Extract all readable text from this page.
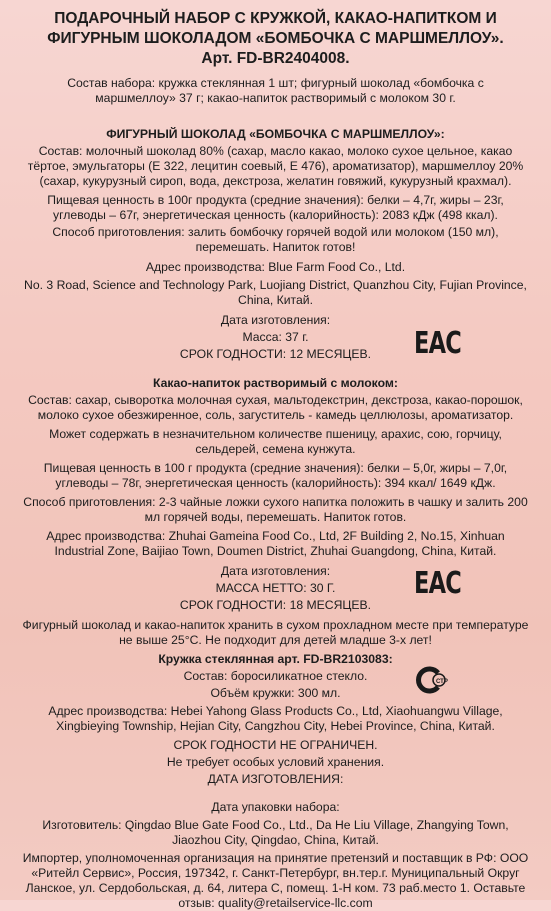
ПОДАРОЧНЫЙ НАБОР С КРУЖКОЙ, КАКАО-НАПИТКОМ И
ФИГУРНЫМ ШОКОЛАДОМ «БОМБОЧКА С МАРШМЕЛЛОУ».
Арт. FD-BR2404008.
Состав набора: кружка стеклянная 1 шт; фигурный шоколад «бомбочка с
маршмеллоу» 37 г; какао-напиток растворимый с молоком 30 г.
ФИГУРНЫЙ ШОКОЛАД «БОМБОЧКА С МАРШМЕЛЛОУ»:
Состав: молочный шоколад 80% (сахар, масло какао, молоко сухое цельное, какао
тёртое, эмульгаторы (Е 322, лецитин соевый, Е 476), ароматизатор), маршмеллоу 20%
(сахар, кукурузный сироп, вода, декстроза, желатин говяжий, кукурузный крахмал).
Пищевая ценность в 100г продукта (средние значения): белки – 4,7г, жиры – 23г,
углеводы – 67г, энергетическая ценность (калорийность): 2083 кДж (498 ккал).
Способ приготовления: залить бомбочку горячей водой или молоком (150 мл),
перемешать. Напиток готов!
Адрес производства: Blue Farm Food Co., Ltd.
No. 3 Road, Science and Technology Park, Luojiang District, Quanzhou City, Fujian Province,
China, Китай.
Дата изготовления:
Масса: 37 г.
СРОК ГОДНОСТИ: 12 МЕСЯЦЕВ.	ЕАС
Какао-напиток растворимый с молоком:
Состав: сахар, сыворотка молочная сухая, мальтодекстрин, декстроза, какао-порошок,
молоко сухое обезжиренное, соль, загуститель - камедь целлюлозы, ароматизатор.
Может содержать в незначительном количестве пшеницу, арахис, сою, горчицу,
сельдерей, семена кунжута.
Пищевая ценность в 100 г продукта (средние значения): белки – 5,0г, жиры – 7,0г,
углеводы – 78г, энергетическая ценность (калорийность): 394 ккал/ 1649 кДж.
Способ приготовления: 2-3 чайные ложки сухого напитка положить в чашку и залить 200
мл горячей воды, перемешать. Напиток готов.
Адрес производства: Zhuhai Gameina Food Co., Ltd, 2F Building 2, No.15, Xinhuan
Industrial Zone, Baijiao Town, Doumen District, Zhuhai Guangdong, China, Китай.
Дата изготовления:
МАССА НЕТТО: 30 Г.
СРОК ГОДНОСТИ: 18 МЕСЯЦЕВ.
ЕАС
Фигурный шоколад и какао-напиток хранить в сухом прохладном месте при температуре
не выше 25°С. Не подходит для детей младше 3-х лет!
Кружка стеклянная арт. FD-BR2103083:
Состав: боросиликатное стекло.
Объём кружки: 300 мл.
СТР
Адрес производства: Hebei Yahong Glass Products Co., Ltd, Xiaohuangwu Village,
Xingbieying Township, Hejian City, Cangzhou City, Hebei Province, China, Китай.
СРОК ГОДНОСТИ НЕ ОГРАНИЧЕН.
Не требует особых условий хранения.
ДАТА ИЗГОТОВЛЕНИЯ:
Дата упаковки набора:
Изготовитель: Qingdao Blue Gate Food Co., Ltd., Da He Liu Village, Zhangying Town,
Jiaozhou City, Qingdao, China, Китай.
Импортер, уполномоченная организация на принятие претензий и поставщик в РФ: ООО
«Ритейл Сервис», Россия, 197342, г. Санкт-Петербург, вн.тер.г. Муниципальный Округ
Ланское, ул. Сердобольская, д. 64, литера С, помещ. 1-Н ком. 73 раб.место 1. Оставьте
отзыв: quality@retailservice-llc.com
